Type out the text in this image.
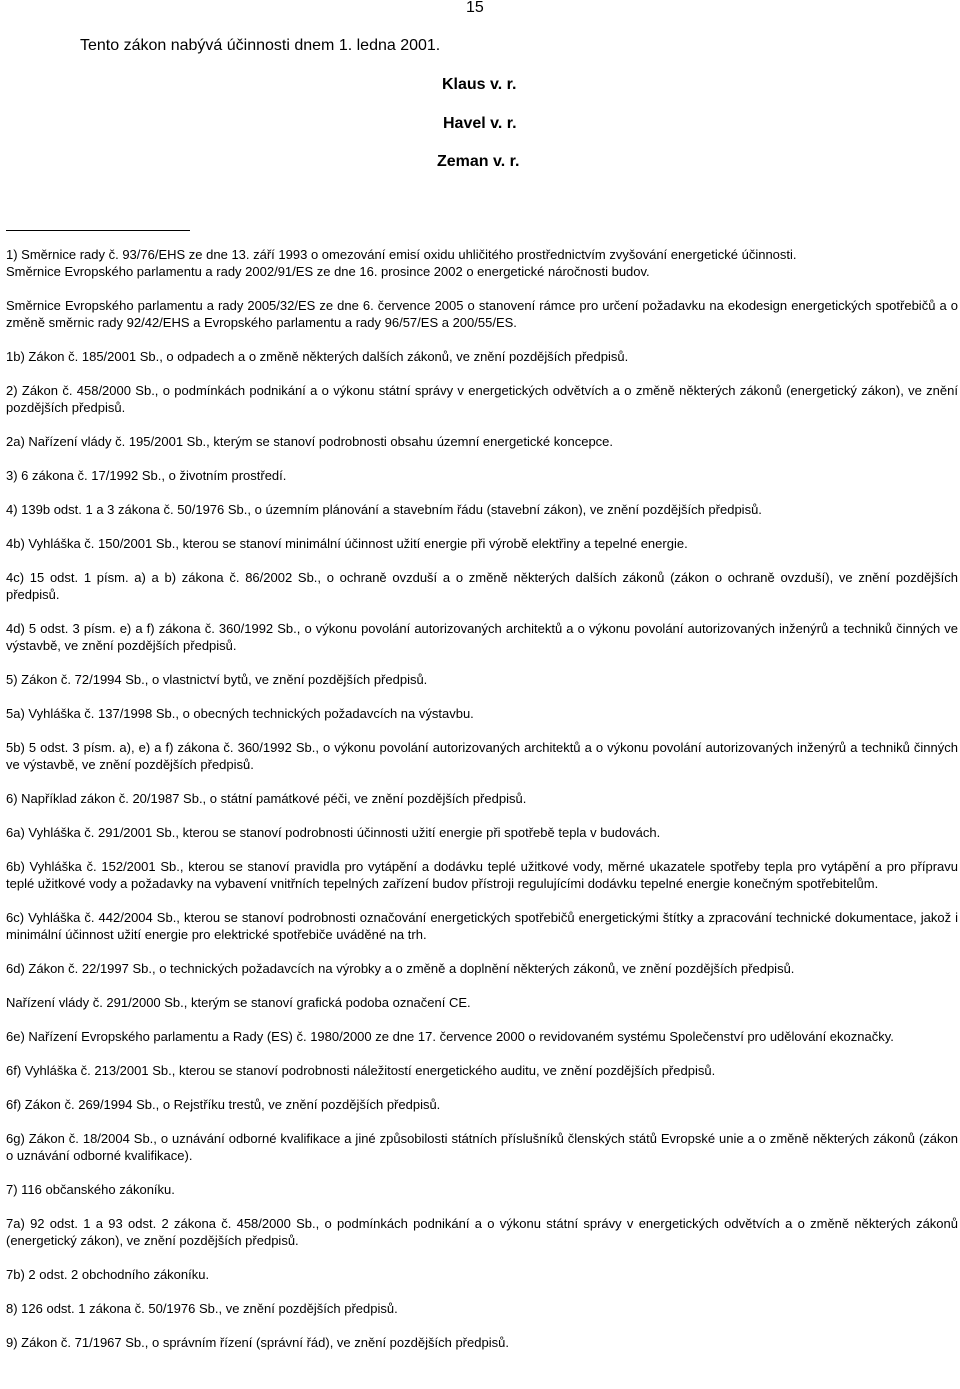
15
Tento zákon nabývá účinnosti dnem 1. ledna 2001.
Klaus v. r.
Havel v. r.
Zeman v. r.

1) Směrnice rady č. 93/76/EHS ze dne 13. září 1993 o omezování emisí oxidu uhličitého prostřednictvím zvyšování energetické účinnosti.

Směrnice Evropského parlamentu a rady 2002/91/ES ze dne 16. prosince 2002 o energetické náročnosti budov.

Směrnice Evropského parlamentu a rady 2005/32/ES ze dne 6. července 2005 o stanovení rámce pro určení požadavku na ekodesign energetických spotřebičů a o změně směrnic rady 92/42/EHS a Evropského parlamentu a rady 96/57/ES a 200/55/ES.

1b) Zákon č. 185/2001 Sb., o odpadech a o změně některých dalších zákonů, ve znění pozdějších předpisů.

2) Zákon č. 458/2000 Sb., o podmínkách podnikání a o výkonu státní správy v energetických odvětvích a o změně některých zákonů (energetický zákon), ve znění pozdějších předpisů.

2a) Nařízení vlády č. 195/2001 Sb., kterým se stanoví podrobnosti obsahu územní energetické koncepce.

3) 6 zákona č. 17/1992 Sb., o životním prostředí.

4) 139b odst. 1 a 3 zákona č. 50/1976 Sb., o územním plánování a stavebním řádu (stavební zákon), ve znění pozdějších předpisů.

4b) Vyhláška č. 150/2001 Sb., kterou se stanoví minimální účinnost užití energie při výrobě elektřiny a tepelné energie.

4c) 15 odst. 1 písm. a) a b) zákona č. 86/2002 Sb., o ochraně ovzduší a o změně některých dalších zákonů (zákon o ochraně ovzduší), ve znění pozdějších předpisů.

4d) 5 odst. 3 písm. e) a f) zákona č. 360/1992 Sb., o výkonu povolání autorizovaných architektů a o výkonu povolání autorizovaných inženýrů a techniků činných ve výstavbě, ve znění pozdějších předpisů.

5) Zákon č. 72/1994 Sb., o vlastnictví bytů, ve znění pozdějších předpisů.

5a) Vyhláška č. 137/1998 Sb., o obecných technických požadavcích na výstavbu.

5b) 5 odst. 3 písm. a), e) a f) zákona č. 360/1992 Sb., o výkonu povolání autorizovaných architektů a o výkonu povolání autorizovaných inženýrů a techniků činných ve výstavbě, ve znění pozdějších předpisů.

6) Například zákon č. 20/1987 Sb., o státní památkové péči, ve znění pozdějších předpisů.

6a) Vyhláška č. 291/2001 Sb., kterou se stanoví podrobnosti účinnosti užití energie při spotřebě tepla v budovách.

6b) Vyhláška č. 152/2001 Sb., kterou se stanoví pravidla pro vytápění a dodávku teplé užitkové vody, měrné ukazatele spotřeby tepla pro vytápění a pro přípravu teplé užitkové vody a požadavky na vybavení vnitřních tepelných zařízení budov přístroji regulujícími dodávku tepelné energie konečným spotřebitelům.

6c) Vyhláška č. 442/2004 Sb., kterou se stanoví podrobnosti označování energetických spotřebičů energetickými štítky a zpracování technické dokumentace, jakož i minimální účinnost užití energie pro elektrické spotřebiče uváděné na trh.

6d) Zákon č. 22/1997 Sb., o technických požadavcích na výrobky a o změně a doplnění některých zákonů, ve znění pozdějších předpisů.

Nařízení vlády č. 291/2000 Sb., kterým se stanoví grafická podoba označení CE.

6e) Nařízení Evropského parlamentu a Rady (ES) č. 1980/2000 ze dne 17. července 2000 o revidovaném systému Společenství pro udělování ekoznačky.

6f) Vyhláška č. 213/2001 Sb., kterou se stanoví podrobnosti náležitostí energetického auditu, ve znění pozdějších předpisů.

6f) Zákon č. 269/1994 Sb., o Rejstříku trestů, ve znění pozdějších předpisů.

6g) Zákon č. 18/2004 Sb., o uznávání odborné kvalifikace a jiné způsobilosti státních příslušníků členských států Evropské unie a o změně některých zákonů (zákon o uznávání odborné kvalifikace).

7) 116 občanského zákoníku.

7a) 92 odst. 1 a 93 odst. 2 zákona č. 458/2000 Sb., o podmínkách podnikání a o výkonu státní správy v energetických odvětvích a o změně některých zákonů (energetický zákon), ve znění pozdějších předpisů.

7b) 2 odst. 2 obchodního zákoníku.

8) 126 odst. 1 zákona č. 50/1976 Sb., ve znění pozdějších předpisů.

9) Zákon č. 71/1967 Sb., o správním řízení (správní řád), ve znění pozdějších předpisů.
